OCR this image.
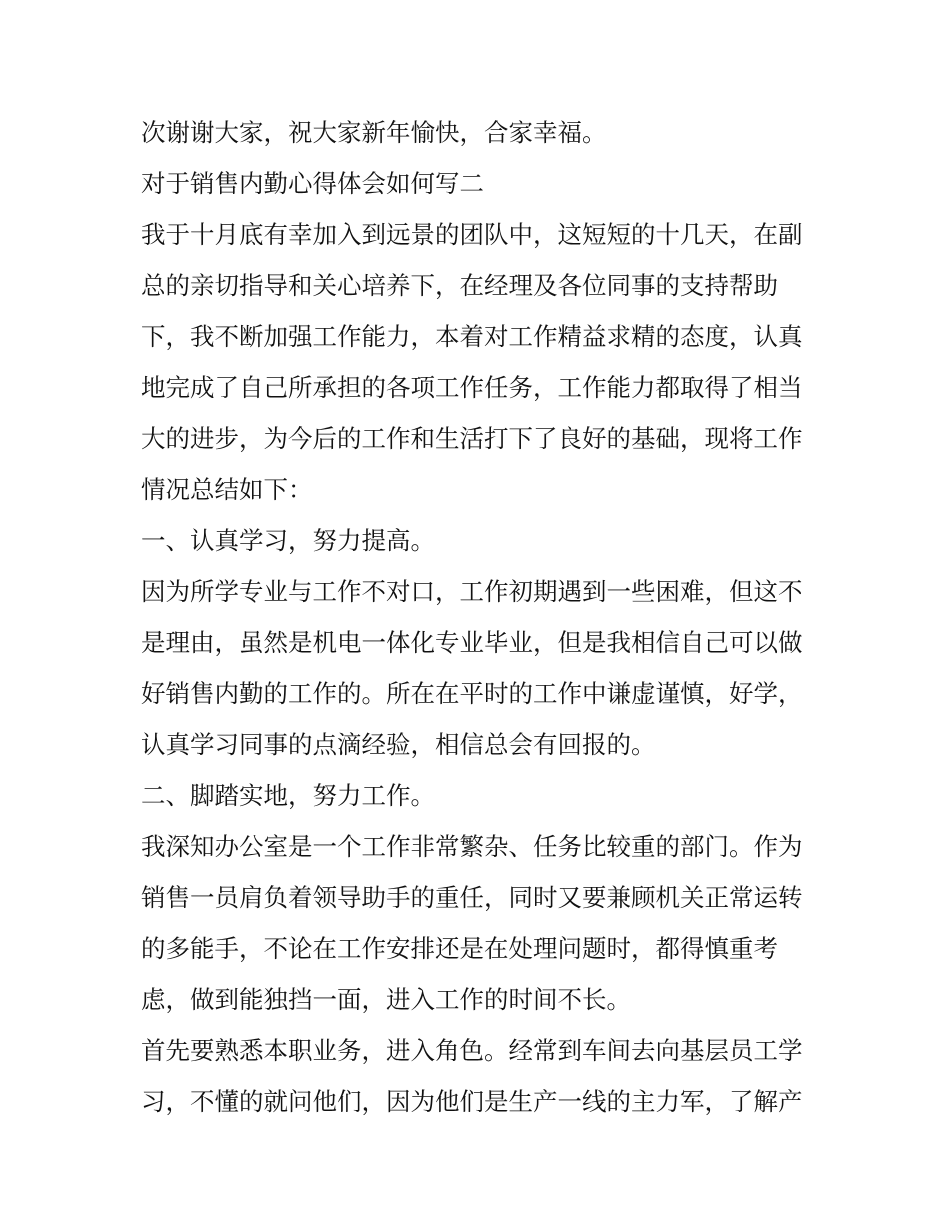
次谢谢大家，祝大家新年愉快，合家幸福。
对于销售内勤心得体会如何写二
我于十月底有幸加入到远景的团队中，这短短的十几天，在副
总的亲切指导和关心培养下，在经理及各位同事的支持帮助
下，我不断加强工作能力，本着对工作精益求精的态度，认真
地完成了自己所承担的各项工作任务，工作能力都取得了相当
大的进步，为今后的工作和生活打下了良好的基础，现将工作
情况总结如下：
一、认真学习，努力提高。
因为所学专业与工作不对口，工作初期遇到一些困难，但这不
是理由，虽然是机电一体化专业毕业，但是我相信自己可以做
好销售内勤的工作的。所在在平时的工作中谦虚谨慎，好学，
认真学习同事的点滴经验，相信总会有回报的。
二、脚踏实地，努力工作。
我深知办公室是一个工作非常繁杂、任务比较重的部门。作为
销售一员肩负着领导助手的重任，同时又要兼顾机关正常运转
的多能手，不论在工作安排还是在处理问题时，都得慎重考
虑，做到能独挡一面，进入工作的时间不长。
首先要熟悉本职业务，进入角色。经常到车间去向基层员工学
习，不懂的就问他们，因为他们是生产一线的主力军，了解产
